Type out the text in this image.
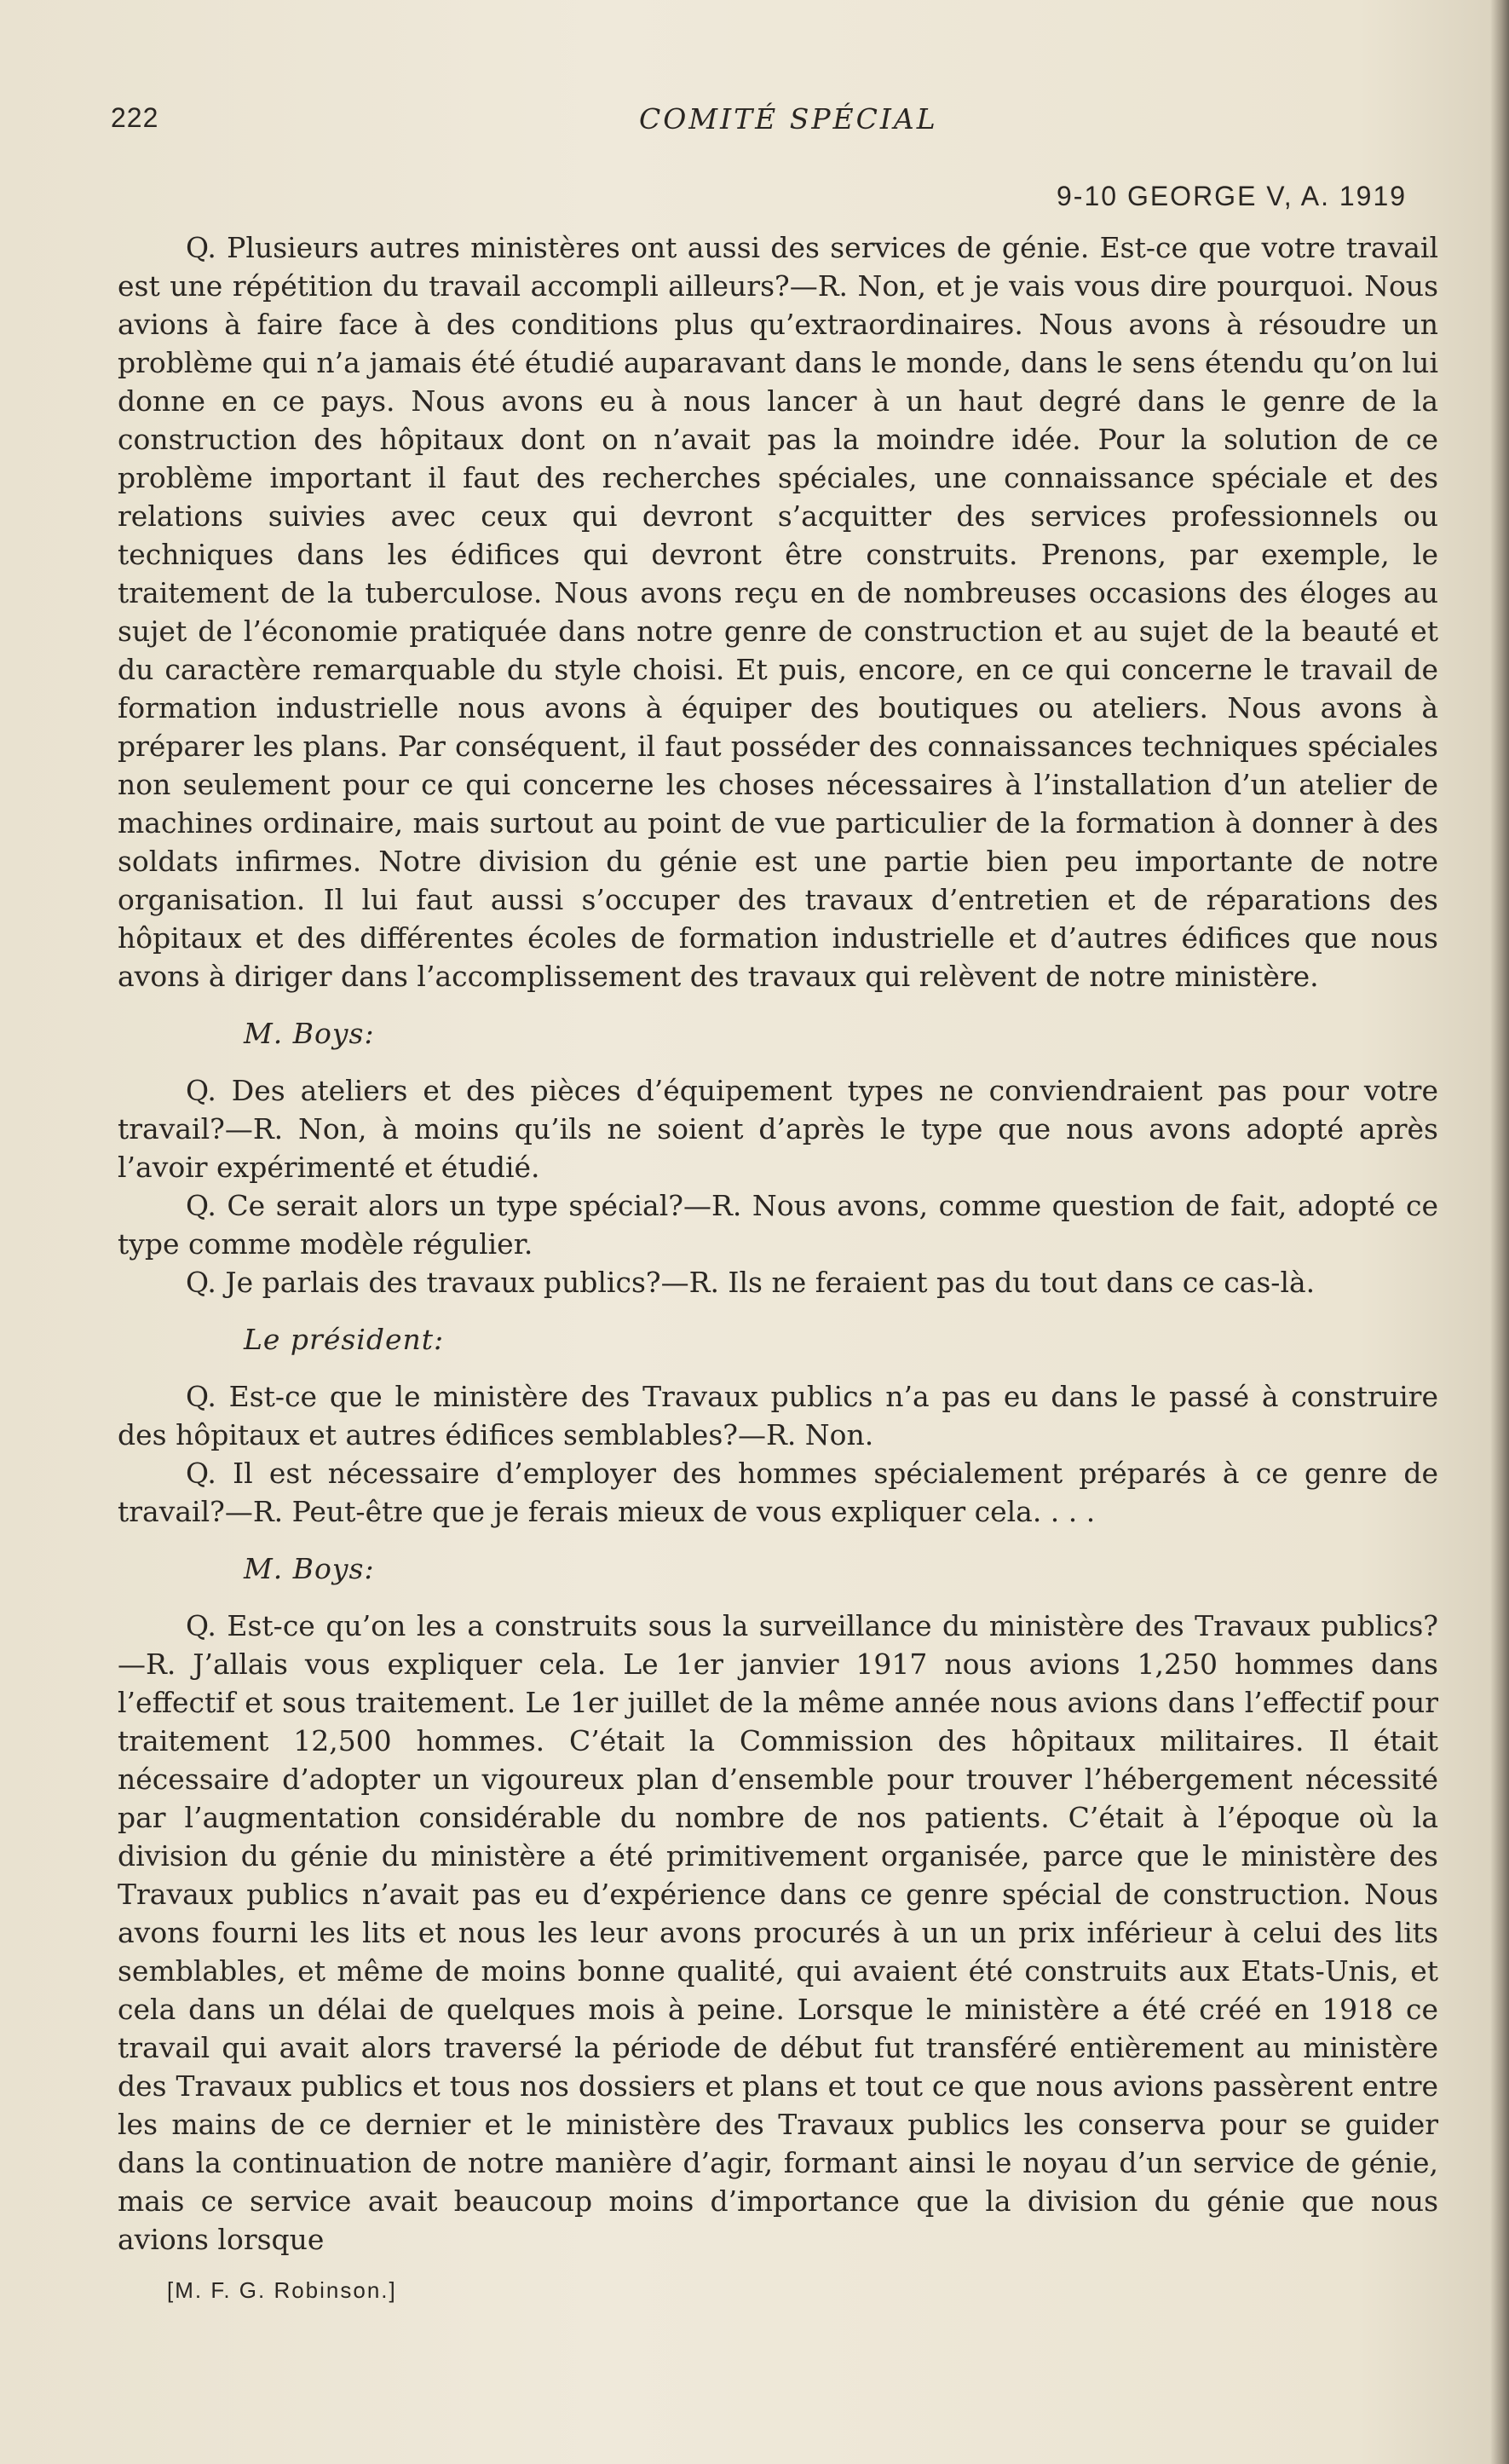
222	COMITÉ SPÉCIAL
9-10 GEORGE V, A. 1919

Q. Plusieurs autres ministères ont aussi des services de génie. Est-ce que votre travail est une répétition du travail accompli ailleurs?—R. Non, et je vais vous dire pourquoi. Nous avions à faire face à des conditions plus qu’extraordinaires. Nous avons à résoudre un problème qui n’a jamais été étudié auparavant dans le monde, dans le sens étendu qu’on lui donne en ce pays. Nous avons eu à nous lancer à un haut degré dans le genre de la construction des hôpitaux dont on n’avait pas la moindre idée. Pour la solution de ce problème important il faut des recherches spéciales, une connaissance spéciale et des relations suivies avec ceux qui devront s’acquitter des services professionnels ou techniques dans les édifices qui devront être construits. Prenons, par exemple, le traitement de la tuberculose. Nous avons reçu en de nombreuses occasions des éloges au sujet de l’économie pratiquée dans notre genre de construction et au sujet de la beauté et du caractère remarquable du style choisi. Et puis, encore, en ce qui concerne le travail de formation industrielle nous avons à équiper des boutiques ou ateliers. Nous avons à préparer les plans. Par conséquent, il faut posséder des connaissances techniques spéciales non seulement pour ce qui concerne les choses nécessaires à l’installation d’un atelier de machines ordinaire, mais surtout au point de vue particulier de la formation à donner à des soldats infirmes. Notre division du génie est une partie bien peu importante de notre organisation. Il lui faut aussi s’occuper des travaux d’entretien et de réparations des hôpitaux et des différentes écoles de formation industrielle et d’autres édifices que nous avons à diriger dans l’accomplissement des travaux qui relèvent de notre ministère.

M. Boys:

Q. Des ateliers et des pièces d’équipement types ne conviendraient pas pour votre travail?—R. Non, à moins qu’ils ne soient d’après le type que nous avons adopté après l’avoir expérimenté et étudié.

Q. Ce serait alors un type spécial?—R. Nous avons, comme question de fait, adopté ce type comme modèle régulier.

Q. Je parlais des travaux publics?—R. Ils ne feraient pas du tout dans ce cas-là.

Le président:

Q. Est-ce que le ministère des Travaux publics n’a pas eu dans le passé à construire des hôpitaux et autres édifices semblables?—R. Non.

Q. Il est nécessaire d’employer des hommes spécialement préparés à ce genre de travail?—R. Peut-être que je ferais mieux de vous expliquer cela. . . .

M. Boys:

Q. Est-ce qu’on les a construits sous la surveillance du ministère des Travaux publics?—R. J’allais vous expliquer cela. Le 1er janvier 1917 nous avions 1,250 hommes dans l’effectif et sous traitement. Le 1er juillet de la même année nous avions dans l’effectif pour traitement 12,500 hommes. C’était la Commission des hôpitaux militaires. Il était nécessaire d’adopter un vigoureux plan d’ensemble pour trouver l’hébergement nécessité par l’augmentation considérable du nombre de nos patients. C’était à l’époque où la division du génie du ministère a été primitivement organisée, parce que le ministère des Travaux publics n’avait pas eu d’expérience dans ce genre spécial de construction. Nous avons fourni les lits et nous les leur avons procurés à un un prix inférieur à celui des lits semblables, et même de moins bonne qualité, qui avaient été construits aux Etats-Unis, et cela dans un délai de quelques mois à peine. Lorsque le ministère a été créé en 1918 ce travail qui avait alors traversé la période de début fut transféré entièrement au ministère des Travaux publics et tous nos dossiers et plans et tout ce que nous avions passèrent entre les mains de ce dernier et le ministère des Travaux publics les conserva pour se guider dans la continuation de notre manière d’agir, formant ainsi le noyau d’un service de génie, mais ce service avait beaucoup moins d’importance que la division du génie que nous avions lorsque

[M. F. G. Robinson.]
